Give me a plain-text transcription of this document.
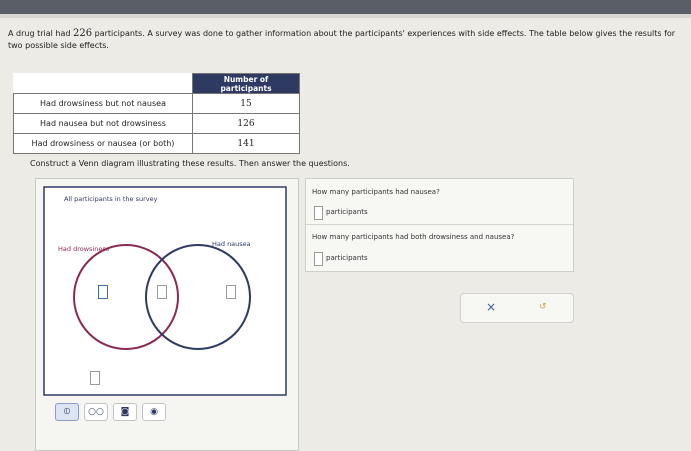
A drug trial had 226 participants. A survey was done to gather information about the participants' experiences with side effects. The table below gives the results for two possible side effects.
	Number of participants
Had drowsiness but not nausea	15
Had nausea but not drowsiness	126
Had drowsiness or nausea (or both)	141
Construct a Venn diagram illustrating these results. Then answer the questions.
All participants in the survey
Had drowsiness
Had nausea
⦶ ○○ ◙ ◉
How many participants had nausea?
participants
How many participants had both drowsiness and nausea?
participants
×	↺
